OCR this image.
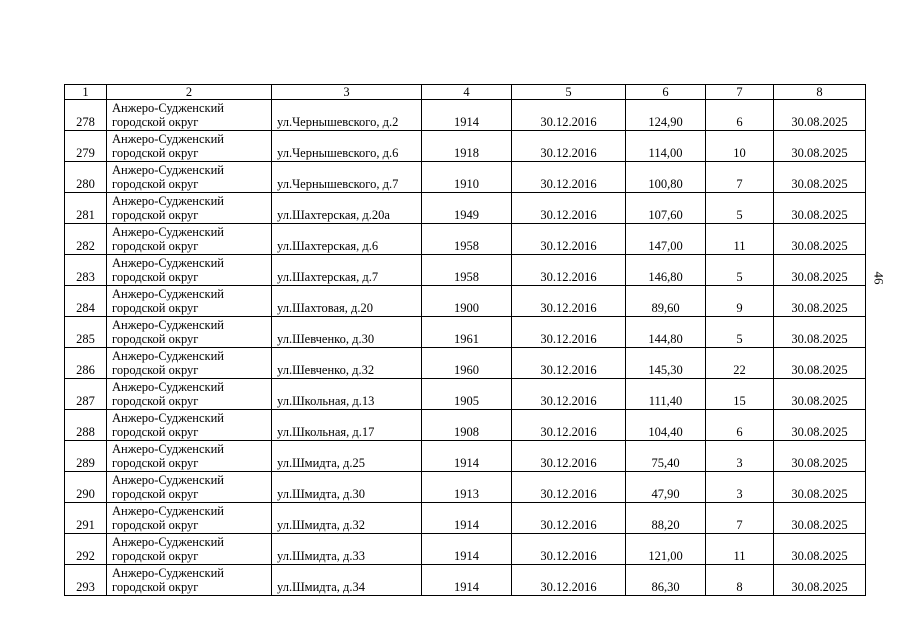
46
1	2	3	4	5	6	7	8
278	Анжеро-Судженский
городской округ	ул.Чернышевского, д.2	1914	30.12.2016	124,90	6	30.08.2025
279	Анжеро-Судженский
городской округ	ул.Чернышевского, д.6	1918	30.12.2016	114,00	10	30.08.2025
280	Анжеро-Судженский
городской округ	ул.Чернышевского, д.7	1910	30.12.2016	100,80	7	30.08.2025
281	Анжеро-Судженский
городской округ	ул.Шахтерская, д.20а	1949	30.12.2016	107,60	5	30.08.2025
282	Анжеро-Судженский
городской округ	ул.Шахтерская, д.6	1958	30.12.2016	147,00	11	30.08.2025
283	Анжеро-Судженский
городской округ	ул.Шахтерская, д.7	1958	30.12.2016	146,80	5	30.08.2025
284	Анжеро-Судженский
городской округ	ул.Шахтовая, д.20	1900	30.12.2016	89,60	9	30.08.2025
285	Анжеро-Судженский
городской округ	ул.Шевченко, д.30	1961	30.12.2016	144,80	5	30.08.2025
286	Анжеро-Судженский
городской округ	ул.Шевченко, д.32	1960	30.12.2016	145,30	22	30.08.2025
287	Анжеро-Судженский
городской округ	ул.Школьная, д.13	1905	30.12.2016	111,40	15	30.08.2025
288	Анжеро-Судженский
городской округ	ул.Школьная, д.17	1908	30.12.2016	104,40	6	30.08.2025
289	Анжеро-Судженский
городской округ	ул.Шмидта, д.25	1914	30.12.2016	75,40	3	30.08.2025
290	Анжеро-Судженский
городской округ	ул.Шмидта, д.30	1913	30.12.2016	47,90	3	30.08.2025
291	Анжеро-Судженский
городской округ	ул.Шмидта, д.32	1914	30.12.2016	88,20	7	30.08.2025
292	Анжеро-Судженский
городской округ	ул.Шмидта, д.33	1914	30.12.2016	121,00	11	30.08.2025
293	Анжеро-Судженский
городской округ	ул.Шмидта, д.34	1914	30.12.2016	86,30	8	30.08.2025
